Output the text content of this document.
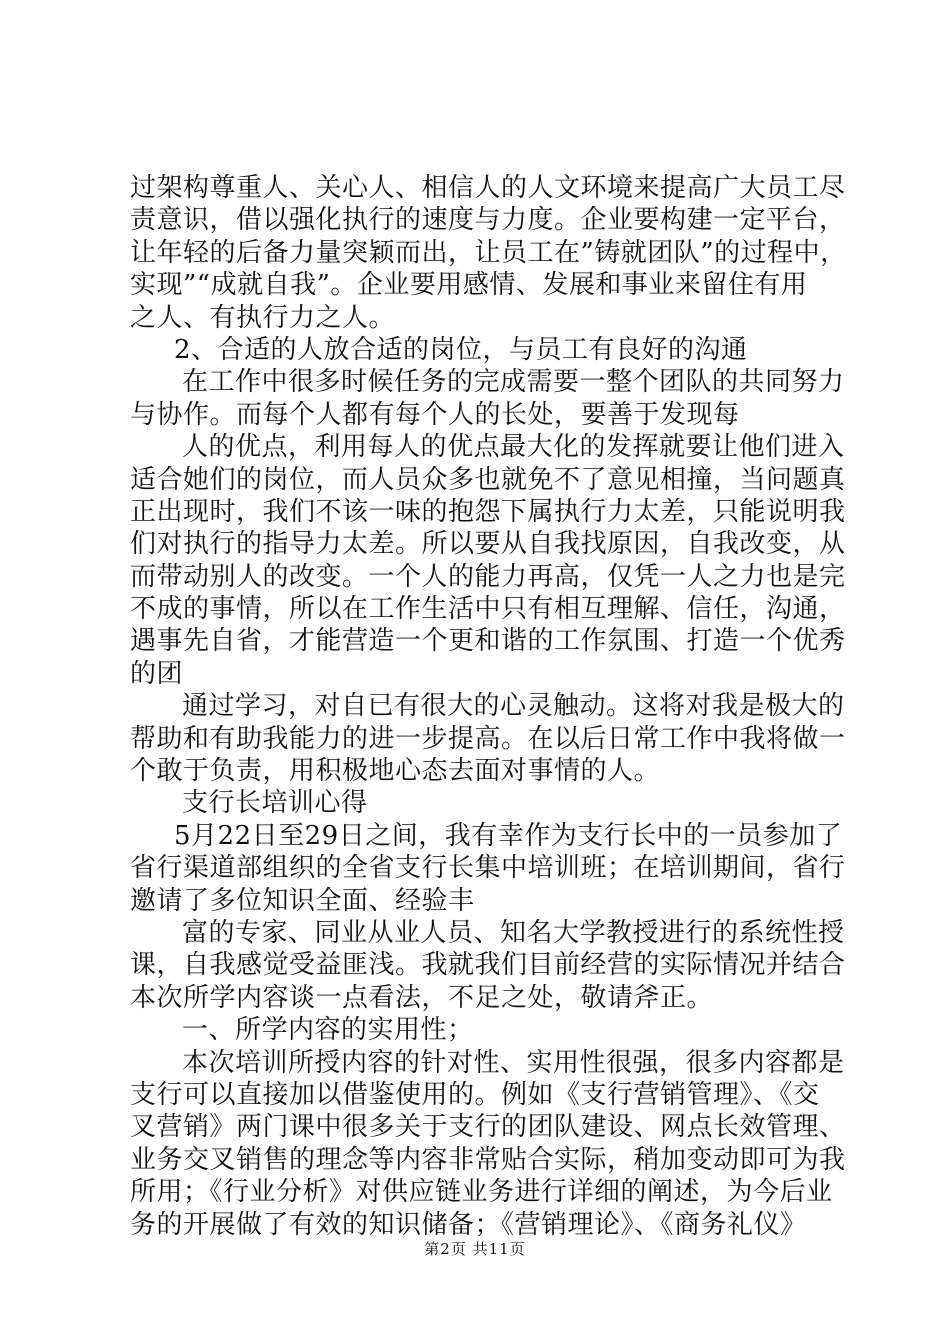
过架构尊重人、关心人、相信人的人文环境来提高广大员工尽
责意识，借以强化执行的速度与力度。企业要构建一定平台，
让年轻的后备力量突颖而出，让员工在”铸就团队”的过程中，
实现”“成就自我”。企业要用感情、发展和事业来留住有用
之人、有执行力之人。
2、合适的人放合适的岗位，与员工有良好的沟通
在工作中很多时候任务的完成需要一整个团队的共同努力
与协作。而每个人都有每个人的长处，要善于发现每
人的优点，利用每人的优点最大化的发挥就要让他们进入
适合她们的岗位，而人员众多也就免不了意见相撞，当问题真
正出现时，我们不该一味的抱怨下属执行力太差，只能说明我
们对执行的指导力太差。所以要从自我找原因，自我改变，从
而带动别人的改变。一个人的能力再高，仅凭一人之力也是完
不成的事情，所以在工作生活中只有相互理解、信任，沟通，
遇事先自省，才能营造一个更和谐的工作氛围、打造一个优秀
的团
通过学习，对自已有很大的心灵触动。这将对我是极大的
帮助和有助我能力的进一步提高。在以后日常工作中我将做一
个敢于负责，用积极地心态去面对事情的人。
支行长培训心得
5月22日至29日之间，我有幸作为支行长中的一员参加了
省行渠道部组织的全省支行长集中培训班；在培训期间，省行
邀请了多位知识全面、经验丰
富的专家、同业从业人员、知名大学教授进行的系统性授
课，自我感觉受益匪浅。我就我们目前经营的实际情况并结合
本次所学内容谈一点看法，不足之处，敬请斧正。
一、所学内容的实用性；
本次培训所授内容的针对性、实用性很强，很多内容都是
支行可以直接加以借鉴使用的。例如《支行营销管理》、《交
叉营销》两门课中很多关于支行的团队建设、网点长效管理、
业务交叉销售的理念等内容非常贴合实际，稍加变动即可为我
所用；《行业分析》对供应链业务进行详细的阐述，为今后业
务的开展做了有效的知识储备；《营销理论》、《商务礼仪》
第2页 共11页
